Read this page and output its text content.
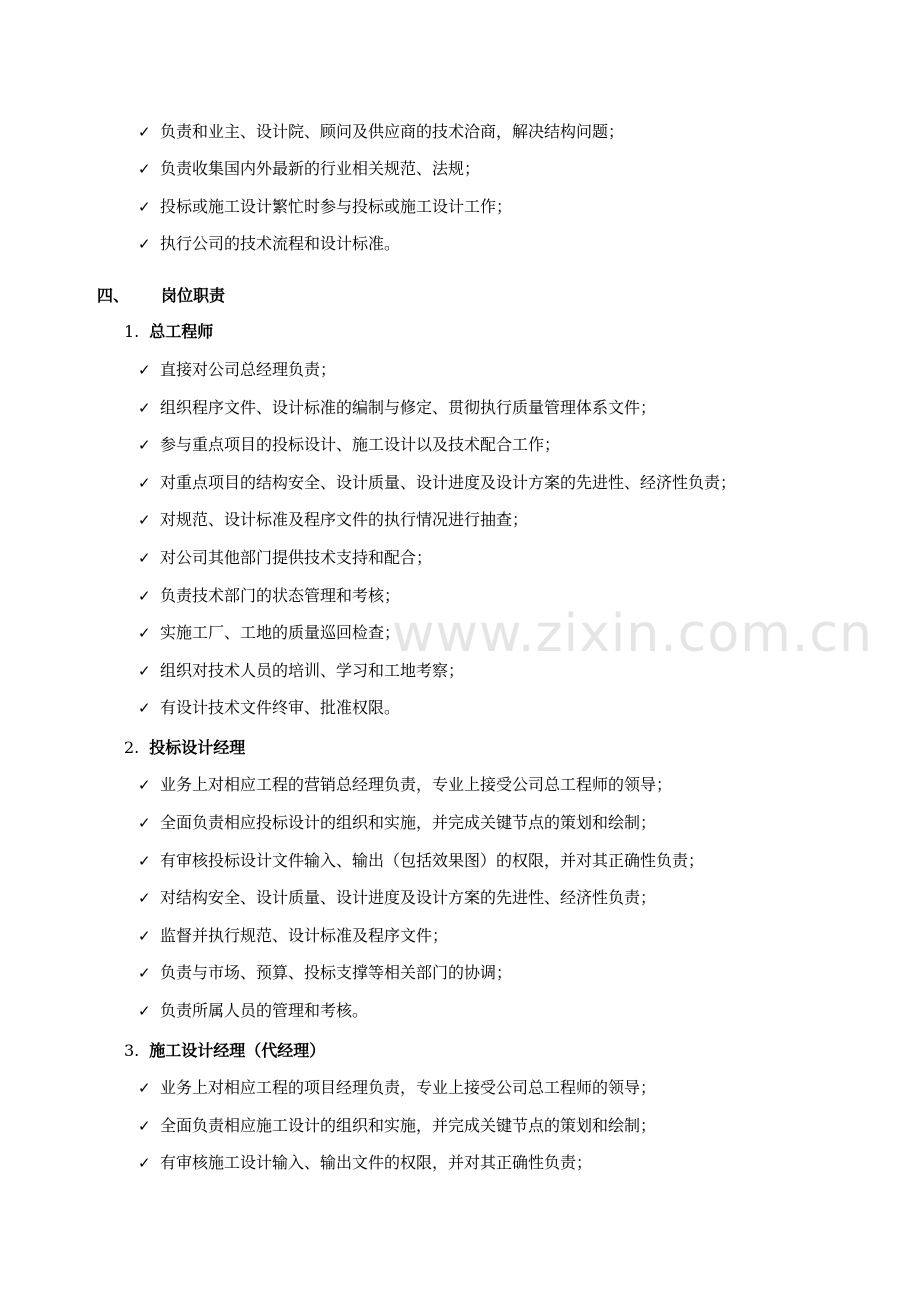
www.zixin.com.cn
✓ 负责和业主、设计院、顾问及供应商的技术洽商，解决结构问题；
✓ 负责收集国内外最新的行业相关规范、法规；
✓ 投标或施工设计繁忙时参与投标或施工设计工作；
✓ 执行公司的技术流程和设计标准。
四、 岗位职责
1. 总工程师
✓ 直接对公司总经理负责；
✓ 组织程序文件、设计标准的编制与修定、贯彻执行质量管理体系文件；
✓ 参与重点项目的投标设计、施工设计以及技术配合工作；
✓ 对重点项目的结构安全、设计质量、设计进度及设计方案的先进性、经济性负责；
✓ 对规范、设计标准及程序文件的执行情况进行抽查；
✓ 对公司其他部门提供技术支持和配合；
✓ 负责技术部门的状态管理和考核；
✓ 实施工厂、工地的质量巡回检查；
✓ 组织对技术人员的培训、学习和工地考察；
✓ 有设计技术文件终审、批准权限。
2. 投标设计经理
✓ 业务上对相应工程的营销总经理负责，专业上接受公司总工程师的领导；
✓ 全面负责相应投标设计的组织和实施，并完成关键节点的策划和绘制；
✓ 有审核投标设计文件输入、输出（包括效果图）的权限，并对其正确性负责；
✓ 对结构安全、设计质量、设计进度及设计方案的先进性、经济性负责；
✓ 监督并执行规范、设计标准及程序文件；
✓ 负责与市场、预算、投标支撑等相关部门的协调；
✓ 负责所属人员的管理和考核。
3. 施工设计经理（代经理）
✓ 业务上对相应工程的项目经理负责，专业上接受公司总工程师的领导；
✓ 全面负责相应施工设计的组织和实施，并完成关键节点的策划和绘制；
✓ 有审核施工设计输入、输出文件的权限，并对其正确性负责；
